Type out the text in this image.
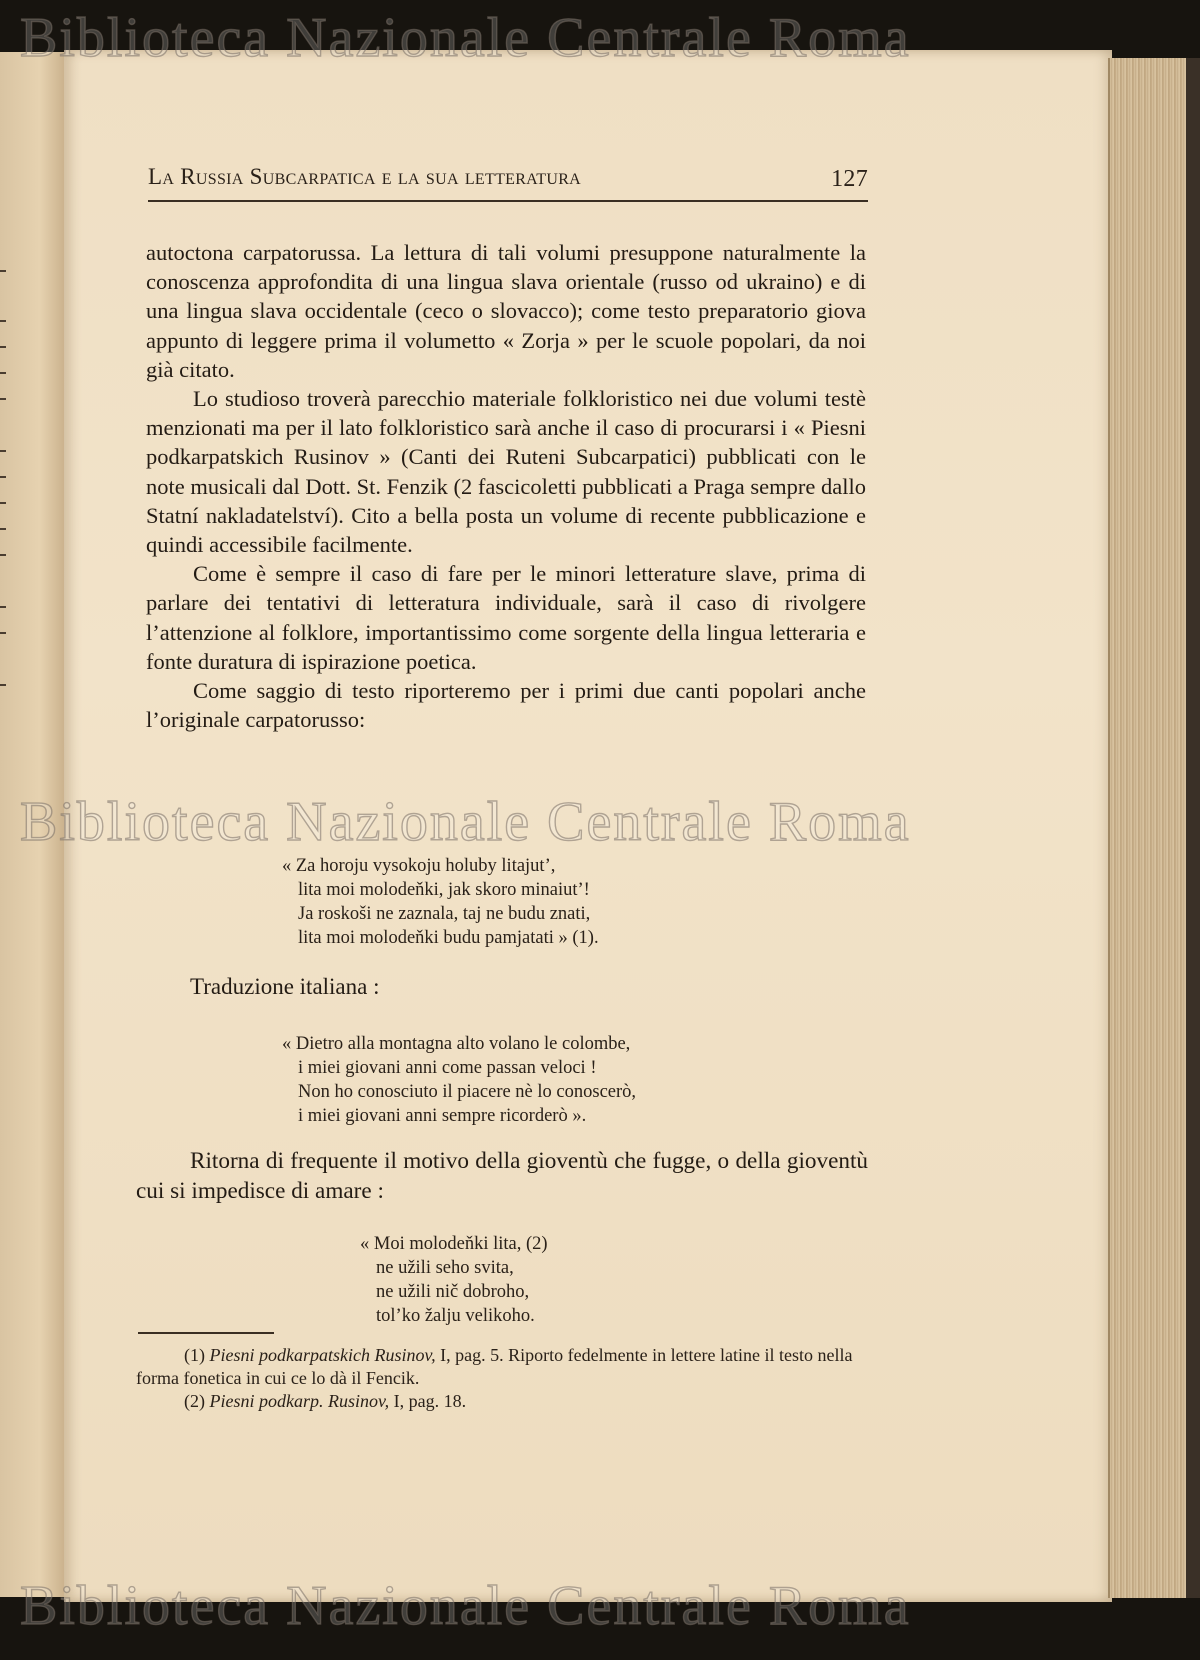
La Russia Subcarpatica e la sua letteratura	127

autoctona carpatorussa. La lettura di tali volumi presuppone naturalmente la conoscenza approfondita di una lingua slava orientale (russo od ukraino) e di una lingua slava occidentale (ceco o slovacco); come testo preparatorio giova appunto di leggere prima il volumetto « Zorja » per le scuole popolari, da noi già citato.

Lo studioso troverà parecchio materiale folkloristico nei due volumi testè menzionati ma per il lato folkloristico sarà anche il caso di procurarsi i « Piesni podkarpatskich Rusinov » (Canti dei Ruteni Subcarpatici) pubblicati con le note musicali dal Dott. St. Fenzik (2 fascicoletti pubblicati a Praga sempre dallo Statní nakladatelství). Cito a bella posta un volume di recente pubblicazione e quindi accessibile facilmente.

Come è sempre il caso di fare per le minori letterature slave, prima di parlare dei tentativi di letteratura individuale, sarà il caso di rivolgere l’attenzione al folklore, importantissimo come sorgente della lingua letteraria e fonte duratura di ispirazione poetica.

Come saggio di testo riporteremo per i primi due canti popolari anche l’originale carpatorusso:

« Za horoju vysokoju holuby litajut’,
lita moi molodeňki, jak skoro minaiut’!
Ja roskoši ne zaznala, taj ne budu znati,
lita moi molodeňki budu pamjatati » (1).
Traduzione italiana :
« Dietro alla montagna alto volano le colombe,
i miei giovani anni come passan veloci !
Non ho conosciuto il piacere nè lo conoscerò,
i miei giovani anni sempre ricorderò ».

Ritorna di frequente il motivo della gioventù che fugge, o della gioventù cui si impedisce di amare :

« Moi molodeňki lita, (2)
ne užili seho svita,
ne užili nič dobroho,
tol’ko žalju velikoho.

(1) Piesni podkarpatskich Rusinov, I, pag. 5. Riporto fedelmente in lettere latine il testo nella forma fonetica in cui ce lo dà il Fencik.

(2) Piesni podkarp. Rusinov, I, pag. 18.
